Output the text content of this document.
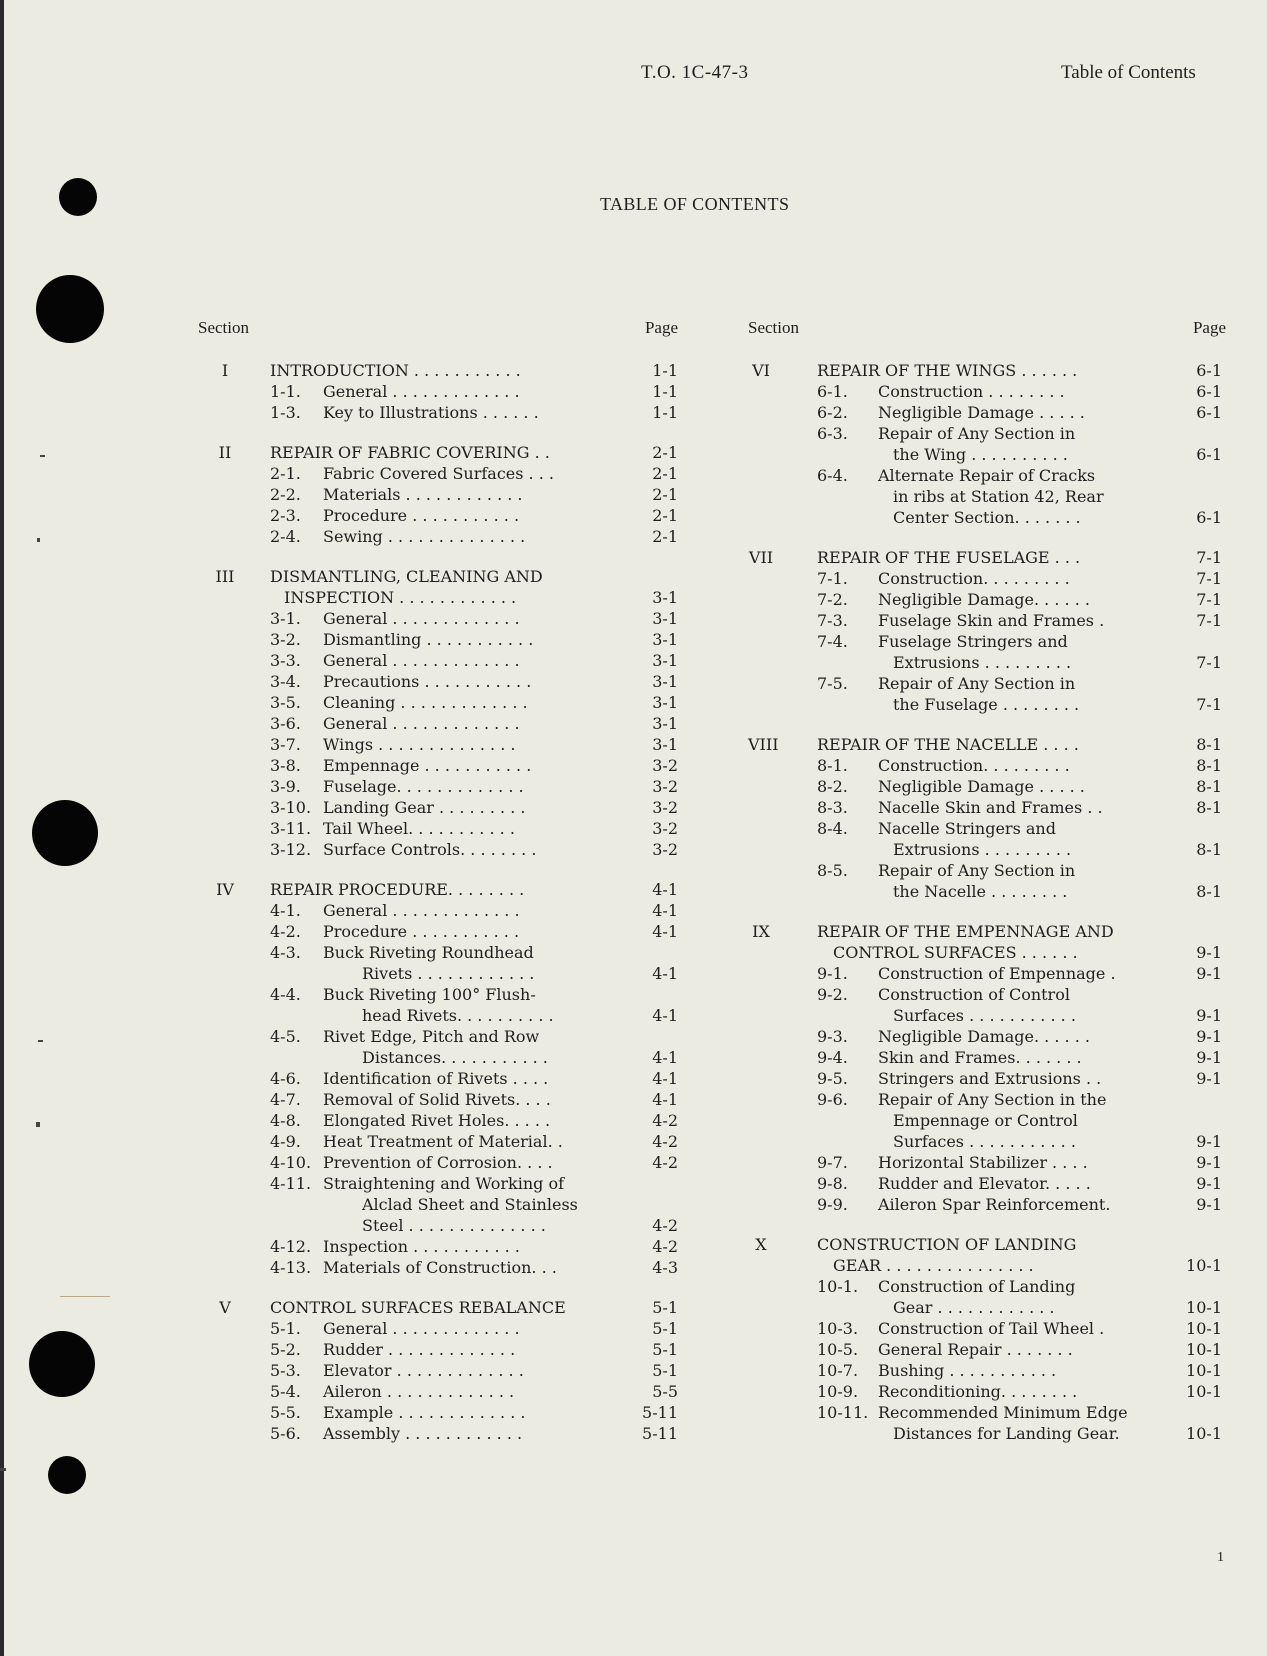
T.O. 1C-47-3	Table of Contents
TABLE OF CONTENTS
Section	Page
I	INTRODUCTION . . . . . . . . . . .	1-1
1-1. General . . . . . . . . . . . . .	1-1
1-3. Key to Illustrations . . . . . .	1-1
II	REPAIR OF FABRIC COVERING . .	2-1
2-1. Fabric Covered Surfaces . . .	2-1
2-2. Materials . . . . . . . . . . . .	2-1
2-3. Procedure . . . . . . . . . . .	2-1
2-4. Sewing . . . . . . . . . . . . . .	2-1
III	DISMANTLING, CLEANING AND
INSPECTION . . . . . . . . . . . .	3-1
3-1. General . . . . . . . . . . . . .	3-1
3-2. Dismantling . . . . . . . . . . .	3-1
3-3. General . . . . . . . . . . . . .	3-1
3-4. Precautions . . . . . . . . . . .	3-1
3-5. Cleaning . . . . . . . . . . . . .	3-1
3-6. General . . . . . . . . . . . . .	3-1
3-7. Wings . . . . . . . . . . . . . .	3-1
3-8. Empennage . . . . . . . . . . .	3-2
3-9. Fuselage. . . . . . . . . . . . .	3-2
3-10. Landing Gear . . . . . . . . .	3-2
3-11. Tail Wheel. . . . . . . . . . .	3-2
3-12. Surface Controls. . . . . . . .	3-2
IV	REPAIR PROCEDURE. . . . . . . .	4-1
4-1. General . . . . . . . . . . . . .	4-1
4-2. Procedure . . . . . . . . . . .	4-1
4-3. Buck Riveting Roundhead
Rivets . . . . . . . . . . . .	4-1
4-4. Buck Riveting 100° Flush-
head Rivets. . . . . . . . . .	4-1
4-5. Rivet Edge, Pitch and Row
Distances. . . . . . . . . . .	4-1
4-6. Identification of Rivets . . . .	4-1
4-7. Removal of Solid Rivets. . . .	4-1
4-8. Elongated Rivet Holes. . . . .	4-2
4-9. Heat Treatment of Material. .	4-2
4-10. Prevention of Corrosion. . . .	4-2
4-11. Straightening and Working of
Alclad Sheet and Stainless
Steel . . . . . . . . . . . . . .	4-2
4-12. Inspection . . . . . . . . . . .	4-2
4-13. Materials of Construction. . .	4-3
V	CONTROL SURFACES REBALANCE	5-1
5-1. General . . . . . . . . . . . . .	5-1
5-2. Rudder . . . . . . . . . . . . .	5-1
5-3. Elevator . . . . . . . . . . . . .	5-1
5-4. Aileron . . . . . . . . . . . . .	5-5
5-5. Example . . . . . . . . . . . . .	5-11
5-6. Assembly . . . . . . . . . . . .	5-11
Section	Page
VI	REPAIR OF THE WINGS . . . . . .	6-1
6-1. Construction . . . . . . . .	6-1
6-2. Negligible Damage . . . . .	6-1
6-3. Repair of Any Section in
the Wing . . . . . . . . . .	6-1
6-4. Alternate Repair of Cracks
in ribs at Station 42, Rear
Center Section. . . . . . .	6-1
VII	REPAIR OF THE FUSELAGE . . .	7-1
7-1. Construction. . . . . . . . .	7-1
7-2. Negligible Damage. . . . . .	7-1
7-3. Fuselage Skin and Frames .	7-1
7-4. Fuselage Stringers and
Extrusions . . . . . . . . .	7-1
7-5. Repair of Any Section in
the Fuselage . . . . . . . .	7-1
VIII REPAIR OF THE NACELLE . . . .	8-1
8-1. Construction. . . . . . . . .	8-1
8-2. Negligible Damage . . . . .	8-1
8-3. Nacelle Skin and Frames . .	8-1
8-4. Nacelle Stringers and
Extrusions . . . . . . . . .	8-1
8-5. Repair of Any Section in
the Nacelle . . . . . . . .	8-1
IX	REPAIR OF THE EMPENNAGE AND
CONTROL SURFACES . . . . . .	9-1
9-1. Construction of Empennage .	9-1
9-2. Construction of Control
Surfaces . . . . . . . . . . .	9-1
9-3. Negligible Damage. . . . . .	9-1
9-4. Skin and Frames. . . . . . .	9-1
9-5. Stringers and Extrusions . .	9-1
9-6. Repair of Any Section in the
Empennage or Control
Surfaces . . . . . . . . . . .	9-1
9-7. Horizontal Stabilizer . . . .	9-1
9-8. Rudder and Elevator. . . . .	9-1
9-9. Aileron Spar Reinforcement.	9-1
X	CONSTRUCTION OF LANDING
GEAR . . . . . . . . . . . . . . .	10-1
10-1. Construction of Landing
Gear . . . . . . . . . . . .	10-1
10-3. Construction of Tail Wheel .	10-1
10-5. General Repair . . . . . . .	10-1
10-7. Bushing . . . . . . . . . . .	10-1
10-9. Reconditioning. . . . . . . .	10-1
10-11. Recommended Minimum Edge
Distances for Landing Gear.	10-1
1
